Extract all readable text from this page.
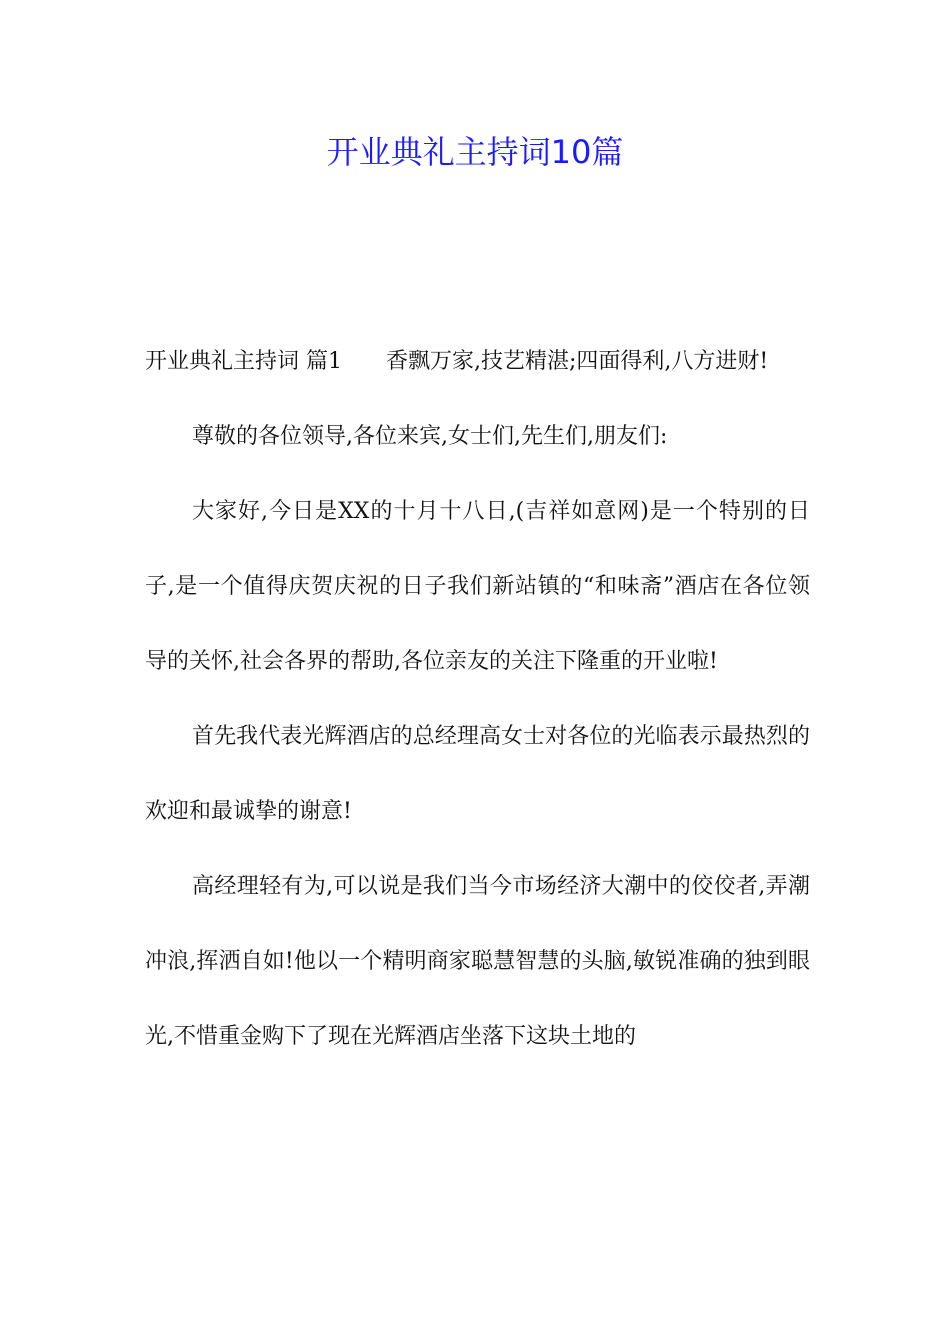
开业典礼主持词10篇

开业典礼主持词 篇1 香飘万家,技艺精湛;四面得利,八方进财!

尊敬的各位领导,各位来宾,女士们,先生们,朋友们:

大家好,今日是XX的十月十八日,(吉祥如意网)是一个特别的日子,是一个值得庆贺庆祝的日子我们新站镇的“和味斋”酒店在各位领导的关怀,社会各界的帮助,各位亲友的关注下隆重的开业啦!

首先我代表光辉酒店的总经理高女士对各位的光临表示最热烈的欢迎和最诚挚的谢意!

高经理轻有为,可以说是我们当今市场经济大潮中的佼佼者,弄潮冲浪,挥洒自如!他以一个精明商家聪慧智慧的头脑,敏锐准确的独到眼光,不惜重金购下了现在光辉酒店坐落下这块土地的
